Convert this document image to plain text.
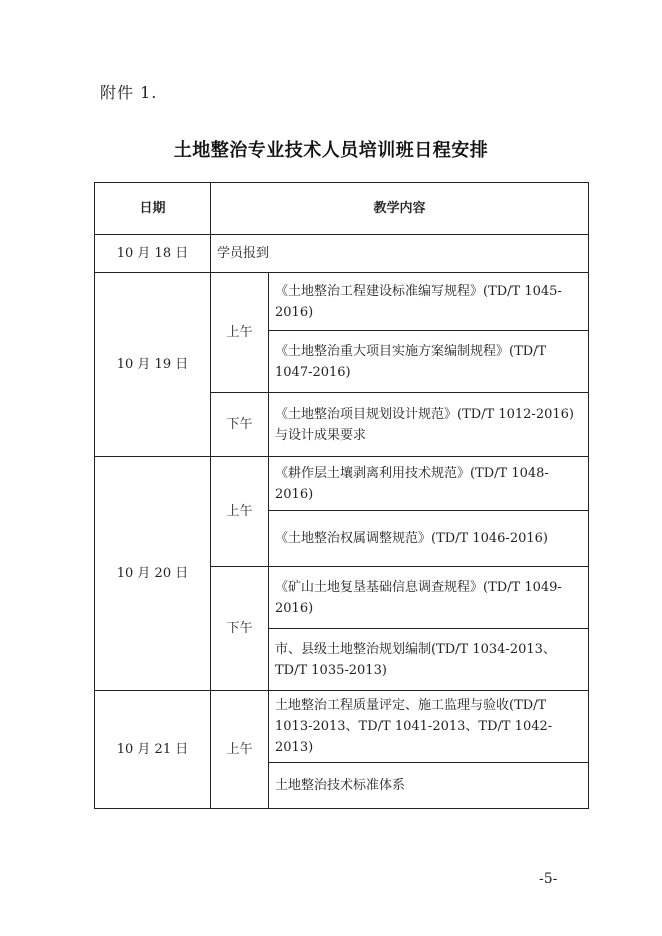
附件 1.
土地整治专业技术人员培训班日程安排
日期	教学内容	
10 月 18 日	学员报到	
10 月 19 日	上午	《土地整治工程建设标准编写规程》(TD/T 1045-2016)
		《土地整治重大项目实施方案编制规程》(TD/T 1047-2016)
	下午	《土地整治项目规划设计规范》(TD/T 1012-2016)与设计成果要求
10 月 20 日	上午	《耕作层土壤剥离利用技术规范》(TD/T 1048-2016)
		《土地整治权属调整规范》(TD/T 1046-2016)
	下午	《矿山土地复垦基础信息调查规程》(TD/T 1049-2016)
		市、县级土地整治规划编制(TD/T 1034-2013、TD/T 1035-2013)
10 月 21 日	上午	土地整治工程质量评定、施工监理与验收(TD/T 1013-2013、TD/T 1041-2013、TD/T 1042-2013)
		土地整治技术标准体系
-5-
